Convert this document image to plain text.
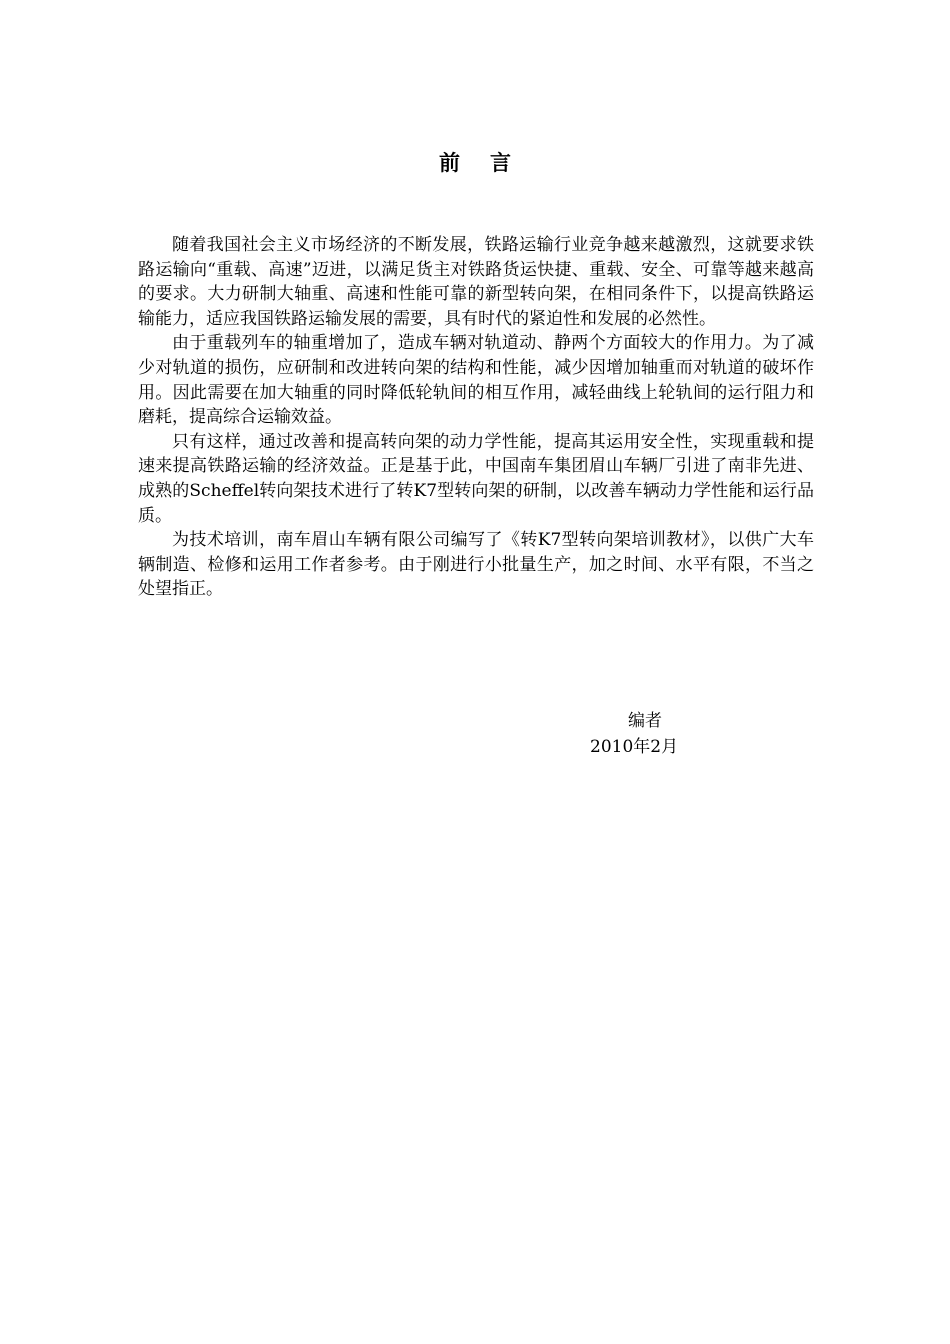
前 言

随着我国社会主义市场经济的不断发展，铁路运输行业竞争越来越激烈，这就要求铁路运输向“重载、高速”迈进，以满足货主对铁路货运快捷、重载、安全、可靠等越来越高的要求。大力研制大轴重、高速和性能可靠的新型转向架，在相同条件下，以提高铁路运输能力，适应我国铁路运输发展的需要，具有时代的紧迫性和发展的必然性。

由于重载列车的轴重增加了，造成车辆对轨道动、静两个方面较大的作用力。为了减少对轨道的损伤，应研制和改进转向架的结构和性能，减少因增加轴重而对轨道的破坏作用。因此需要在加大轴重的同时降低轮轨间的相互作用，减轻曲线上轮轨间的运行阻力和磨耗，提高综合运输效益。

只有这样，通过改善和提高转向架的动力学性能，提高其运用安全性，实现重载和提速来提高铁路运输的经济效益。正是基于此，中国南车集团眉山车辆厂引进了南非先进、成熟的Scheffel转向架技术进行了转K7型转向架的研制，以改善车辆动力学性能和运行品质。

为技术培训，南车眉山车辆有限公司编写了《转K7型转向架培训教材》，以供广大车辆制造、检修和运用工作者参考。由于刚进行小批量生产，加之时间、水平有限，不当之处望指正。

编者
2010年2月
